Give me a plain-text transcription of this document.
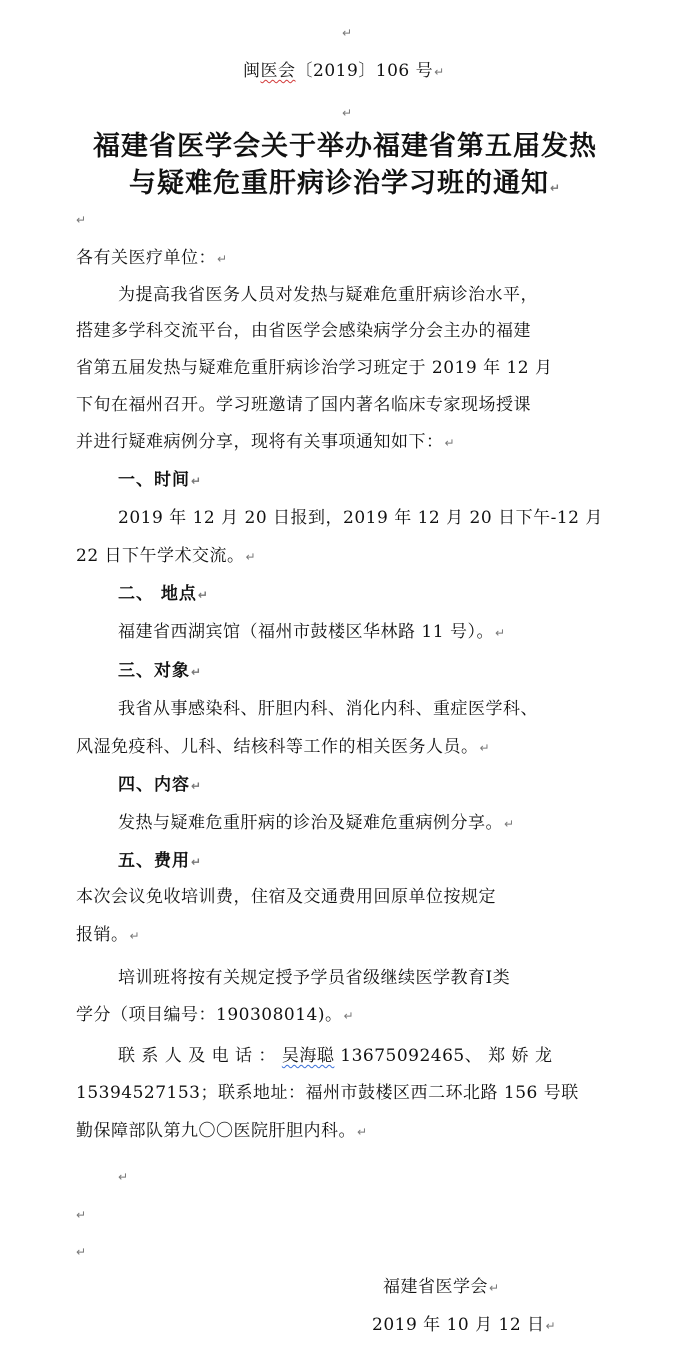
↵
闽医会〔2019〕106 号↵
↵
福建省医学会关于举办福建省第五届发热
与疑难危重肝病诊治学习班的通知↵
↵
各有关医疗单位：↵
为提高我省医务人员对发热与疑难危重肝病诊治水平，
搭建多学科交流平台，由省医学会感染病学分会主办的福建
省第五届发热与疑难危重肝病诊治学习班定于 2019 年 12 月
下旬在福州召开。学习班邀请了国内著名临床专家现场授课
并进行疑难病例分享，现将有关事项通知如下：↵
一、时间↵
2019 年 12 月 20 日报到，2019 年 12 月 20 日下午-12 月
22 日下午学术交流。↵
二、 地点↵
福建省西湖宾馆（福州市鼓楼区华林路 11 号）。↵
三、对象↵
我省从事感染科、肝胆内科、消化内科、重症医学科、
风湿免疫科、儿科、结核科等工作的相关医务人员。↵
四、内容↵
发热与疑难危重肝病的诊治及疑难危重病例分享。↵
五、费用↵
本次会议免收培训费，住宿及交通费用回原单位按规定
报销。↵
培训班将按有关规定授予学员省级继续医学教育Ⅰ类
学分（项目编号：190308014)。↵
联 系 人 及 电 话 ： 吴海聪 13675092465、 郑 娇 龙
15394527153；联系地址：福州市鼓楼区西二环北路 156 号联
勤保障部队第九〇〇医院肝胆内科。↵
↵
↵
↵
福建省医学会↵
2019 年 10 月 12 日↵
